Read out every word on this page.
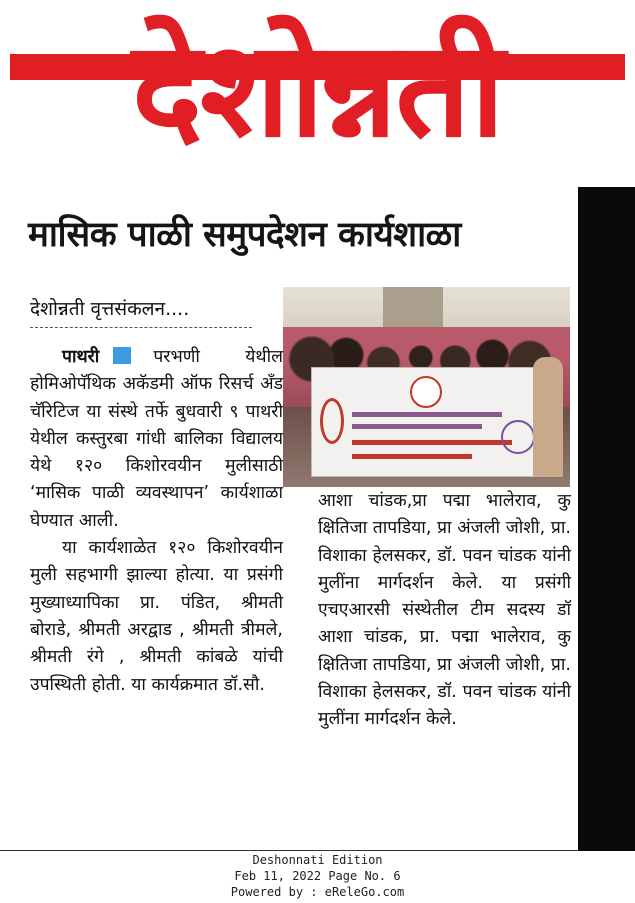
देशोन्नती
मासिक पाळी समुपदेशन कार्यशाळा
देशोन्नती वृत्तसंकलन....

पाथरी	परभणी येथील होमिओपॅथिक अकॅडमी ऑफ रिसर्च अँड चॅरिटिज या संस्थे तर्फे बुधवारी ९ पाथरी येथील कस्तुरबा गांधी बालिका विद्यालय येथे १२० किशोरवयीन मुलीसाठी ‘मासिक पाळी व्यवस्थापन’ कार्यशाळा घेण्यात आली.

या कार्यशाळेत १२० किशोरवयीन मुली सहभागी झाल्या होत्या. या प्रसंगी मुख्याध्यापिका प्रा. पंडित, श्रीमती बोराडे, श्रीमती अरद्वाड , श्रीमती त्रीमले, श्रीमती रंगे , श्रीमती कांबळे यांची उपस्थिती होती. या कार्यक्रमात डॉ.सौ.

आशा चांडक,प्रा पद्मा भालेराव, कु क्षितिजा तापडिया, प्रा अंजली जोशी, प्रा. विशाका हेलसकर, डॉ. पवन चांडक यांनी मुलींना मार्गदर्शन केले. या प्रसंगी एचएआरसी संस्थेतील टीम सदस्य डॉ आशा चांडक, प्रा. पद्मा भालेराव, कु क्षितिजा तापडिया, प्रा अंजली जोशी, प्रा. विशाका हेलसकर, डॉ. पवन चांडक यांनी मुलींना मार्गदर्शन केले.

Deshonnati Edition
Feb 11, 2022 Page No. 6
Powered by : eReleGo.com
